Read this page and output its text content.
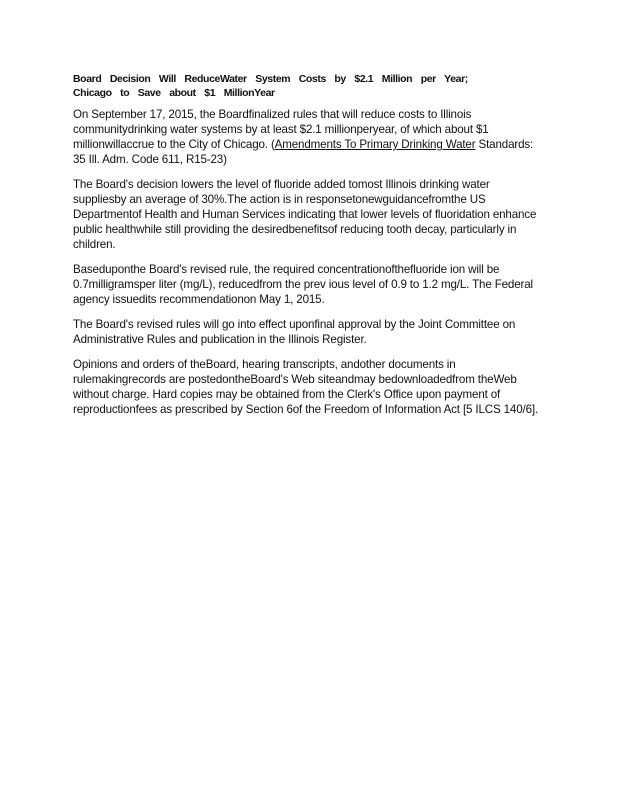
Board Decision Will ReduceWater System Costs by $2.1 Million per Year;
Chicago to Save about $1 MillionYear

On September 17, 2015, the Boardfinalized rules that will reduce costs to Illinois communitydrinking water systems by at least $2.1 millionperyear, of which about $1 millionwillaccrue to the City of Chicago. (Amendments To Primary Drinking Water Standards: 35 Ill. Adm. Code 611, R15-23)

The Board's decision lowers the level of fluoride added tomost Illinois drinking water suppliesby an average of 30%.The action is in responsetonewguidancefromthe US Departmentof Health and Human Services indicating that lower levels of fluoridation enhance public healthwhile still providing the desiredbenefitsof reducing tooth decay, particularly in children.

Baseduponthe Board's revised rule, the required concentrationofthefluoride ion will be 0.7milligramsper liter (mg/L), reducedfrom the prev ious level of 0.9 to 1.2 mg/L. The Federal agency issuedits recommendationon May 1, 2015.

The Board's revised rules will go into effect uponfinal approval by the Joint Committee on Administrative Rules and publication in the Illinois Register.

Opinions and orders of theBoard, hearing transcripts, andother documents in rulemakingrecords are postedontheBoard's Web siteandmay bedownloadedfrom theWeb without charge. Hard copies may be obtained from the Clerk's Office upon payment of reproductionfees as prescribed by Section 6of the Freedom of Information Act [5 ILCS 140/6].
